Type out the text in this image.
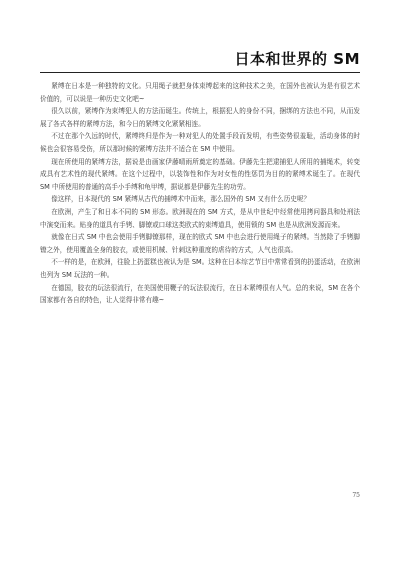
日本和世界的 SM

紧缚在日本是一种独特的文化。只用绳子就把身体束缚起来的这种技术之美，在国外也被认为是有很艺术价值的，可以说是一种历史文化吧~

很久以前，紧缚作为束缚犯人的方法而诞生。传统上，根据犯人的身份不同，捆绑的方法也不同，从而发展了各式各样的紧缚方法，和今日的紧缚文化紧紧相连。

不过在那个久远的时代，紧缚终归是作为一种对犯人的处置手段而发明，有些姿势很羞耻，活动身体的时候也会很容易受伤，所以那时候的紧缚方法并不适合在 SM 中使用。

现在所使用的紧缚方法，据说是由画家伊藤晴雨所奠定的基础。伊藤先生把逮捕犯人所用的捕绳术，转变成具有艺术性的现代紧缚。在这个过程中，以装饰性和作为对女性的性惩罚为目的的紧缚术诞生了。在现代 SM 中所使用的普通的高手小手缚和龟甲缚，据说都是伊藤先生的功劳。

像这样，日本现代的 SM 紧缚从古代的捕缚术中而来，那么国外的 SM 又有什么历史呢？

在欧洲，产生了和日本不同的 SM 形态。欧洲现在的 SM 方式，是从中世纪中经常使用拷问器具和处刑法中演变而来。贴身的道具有手铐、脚镣或口球这类欧式的束缚道具，使用锁的 SM 也是从欧洲发源而来。

就像在日式 SM 中也会使用手铐脚镣那样，现在的欧式 SM 中也会进行使用绳子的紧缚。当然除了手铐脚镣之外，使用覆盖全身的胶衣，或使用机械、针刺这种重度的虐待的方式，人气也很高。

不一样的是，在欧洲，往脸上扔蛋糕也被认为是 SM。这种在日本综艺节目中常常看到的扔蛋活动，在欧洲也列为 SM 玩法的一种。

在德国，胶衣的玩法很流行，在美国使用鞭子的玩法很流行，在日本紧缚很有人气。总的来说，SM 在各个国家都有各自的特色，让人觉得非常有趣~

75
